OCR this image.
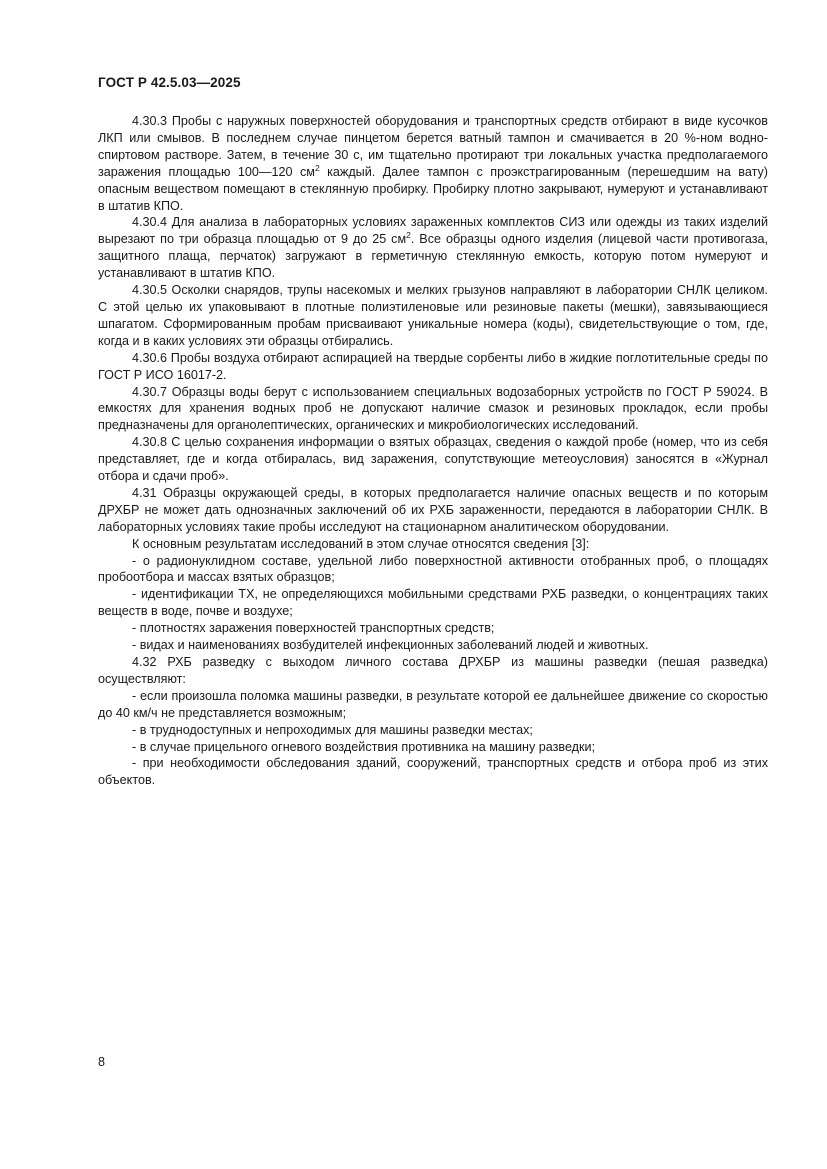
ГОСТ Р 42.5.03—2025

4.30.3 Пробы с наружных поверхностей оборудования и транспортных средств отбирают в виде кусочков ЛКП или смывов. В последнем случае пинцетом берется ватный тампон и смачивается в 20 %-ном водно-спиртовом растворе. Затем, в течение 30 с, им тщательно протирают три локальных участка предполагаемого заражения площадью 100—120 $см^2$ каждый. Далее тампон с проэкстрагированным (перешедшим на вату) опасным веществом помещают в стеклянную пробирку. Пробирку плотно закрывают, нумеруют и устанавливают в штатив КПО.

4.30.4 Для анализа в лабораторных условиях зараженных комплектов СИЗ или одежды из таких изделий вырезают по три образца площадью от 9 до 25 $см^2$. Все образцы одного изделия (лицевой части противогаза, защитного плаща, перчаток) загружают в герметичную стеклянную емкость, которую потом нумеруют и устанавливают в штатив КПО.

4.30.5 Осколки снарядов, трупы насекомых и мелких грызунов направляют в лаборатории СНЛК целиком. С этой целью их упаковывают в плотные полиэтиленовые или резиновые пакеты (мешки), завязывающиеся шпагатом. Сформированным пробам присваивают уникальные номера (коды), свидетельствующие о том, где, когда и в каких условиях эти образцы отбирались.

4.30.6 Пробы воздуха отбирают аспирацией на твердые сорбенты либо в жидкие поглотительные среды по ГОСТ Р ИСО 16017-2.

4.30.7 Образцы воды берут с использованием специальных водозаборных устройств по ГОСТ Р 59024. В емкостях для хранения водных проб не допускают наличие смазок и резиновых прокладок, если пробы предназначены для органолептических, органических и микробиологических исследований.

4.30.8 С целью сохранения информации о взятых образцах, сведения о каждой пробе (номер, что из себя представляет, где и когда отбиралась, вид заражения, сопутствующие метеоусловия) заносятся в «Журнал отбора и сдачи проб».

4.31 Образцы окружающей среды, в которых предполагается наличие опасных веществ и по которым ДРХБР не может дать однозначных заключений об их РХБ зараженности, передаются в лаборатории СНЛК. В лабораторных условиях такие пробы исследуют на стационарном аналитическом оборудовании.

К основным результатам исследований в этом случае относятся сведения [3]:

- о радионуклидном составе, удельной либо поверхностной активности отобранных проб, о площадях пробоотбора и массах взятых образцов;

- идентификации ТХ, не определяющихся мобильными средствами РХБ разведки, о концентрациях таких веществ в воде, почве и воздухе;

- плотностях заражения поверхностей транспортных средств;

- видах и наименованиях возбудителей инфекционных заболеваний людей и животных.

4.32 РХБ разведку с выходом личного состава ДРХБР из машины разведки (пешая разведка) осуществляют:

- если произошла поломка машины разведки, в результате которой ее дальнейшее движение со скоростью до 40 км/ч не представляется возможным;

- в труднодоступных и непроходимых для машины разведки местах;

- в случае прицельного огневого воздействия противника на машину разведки;

- при необходимости обследования зданий, сооружений, транспортных средств и отбора проб из этих объектов.

8
